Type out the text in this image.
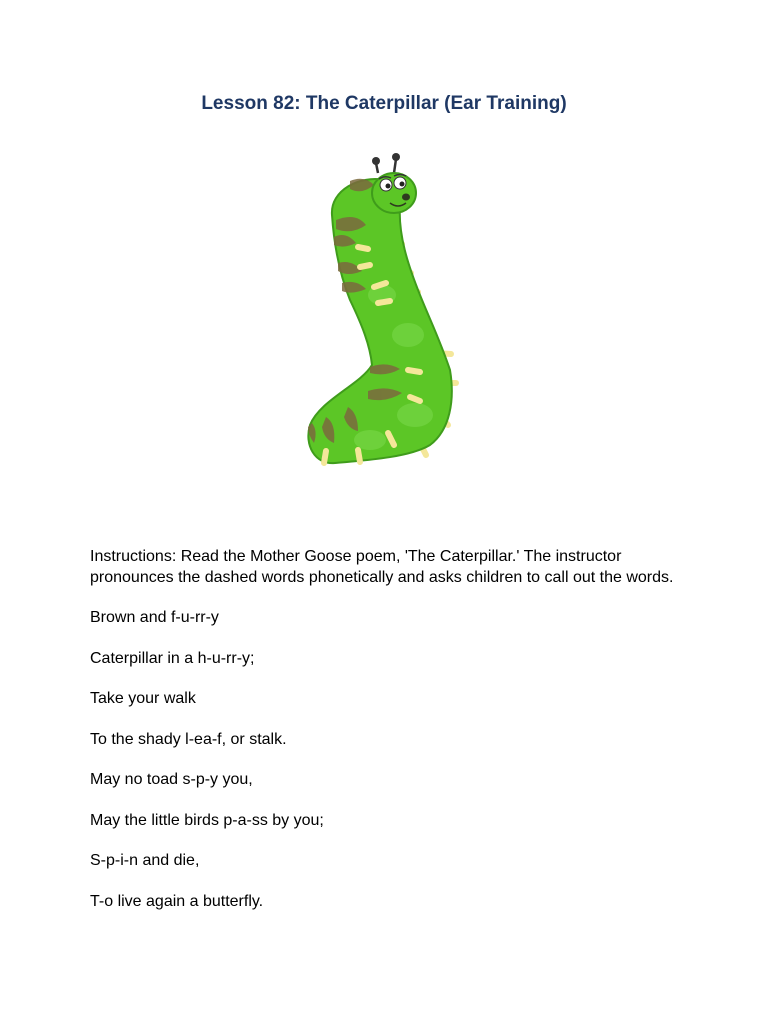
Lesson 82: The Caterpillar (Ear Training)

Instructions: Read the Mother Goose poem, 'The Caterpillar.' The instructor pronounces the dashed words phonetically and asks children to call out the words.

Brown and f-u-rr-y

Caterpillar in a h-u-rr-y;

Take your walk

To the shady l-ea-f, or stalk.

May no toad s-p-y you,

May the little birds p-a-ss by you;

S-p-i-n and die,

T-o live again a butterfly.
